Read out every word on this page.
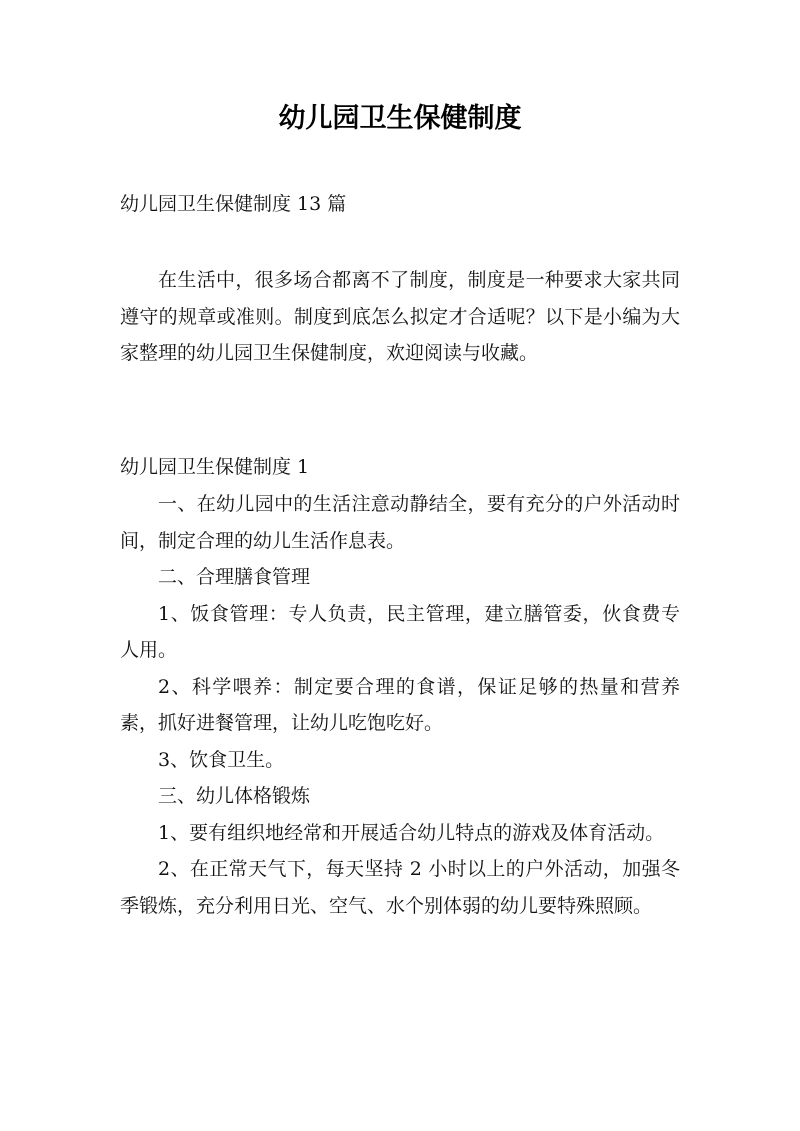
幼儿园卫生保健制度

幼儿园卫生保健制度 13 篇

在生活中，很多场合都离不了制度，制度是一种要求大家共同遵守的规章或准则。制度到底怎么拟定才合适呢？以下是小编为大家整理的幼儿园卫生保健制度，欢迎阅读与收藏。

幼儿园卫生保健制度 1

一、在幼儿园中的生活注意动静结全，要有充分的户外活动时间，制定合理的幼儿生活作息表。

二、合理膳食管理

1、饭食管理：专人负责，民主管理，建立膳管委，伙食费专人用。

2、科学喂养：制定要合理的食谱，保证足够的热量和营养素，抓好进餐管理，让幼儿吃饱吃好。

3、饮食卫生。

三、幼儿体格锻炼

1、要有组织地经常和开展适合幼儿特点的游戏及体育活动。

2、在正常天气下，每天坚持 2 小时以上的户外活动，加强冬季锻炼，充分利用日光、空气、水个别体弱的幼儿要特殊照顾。
